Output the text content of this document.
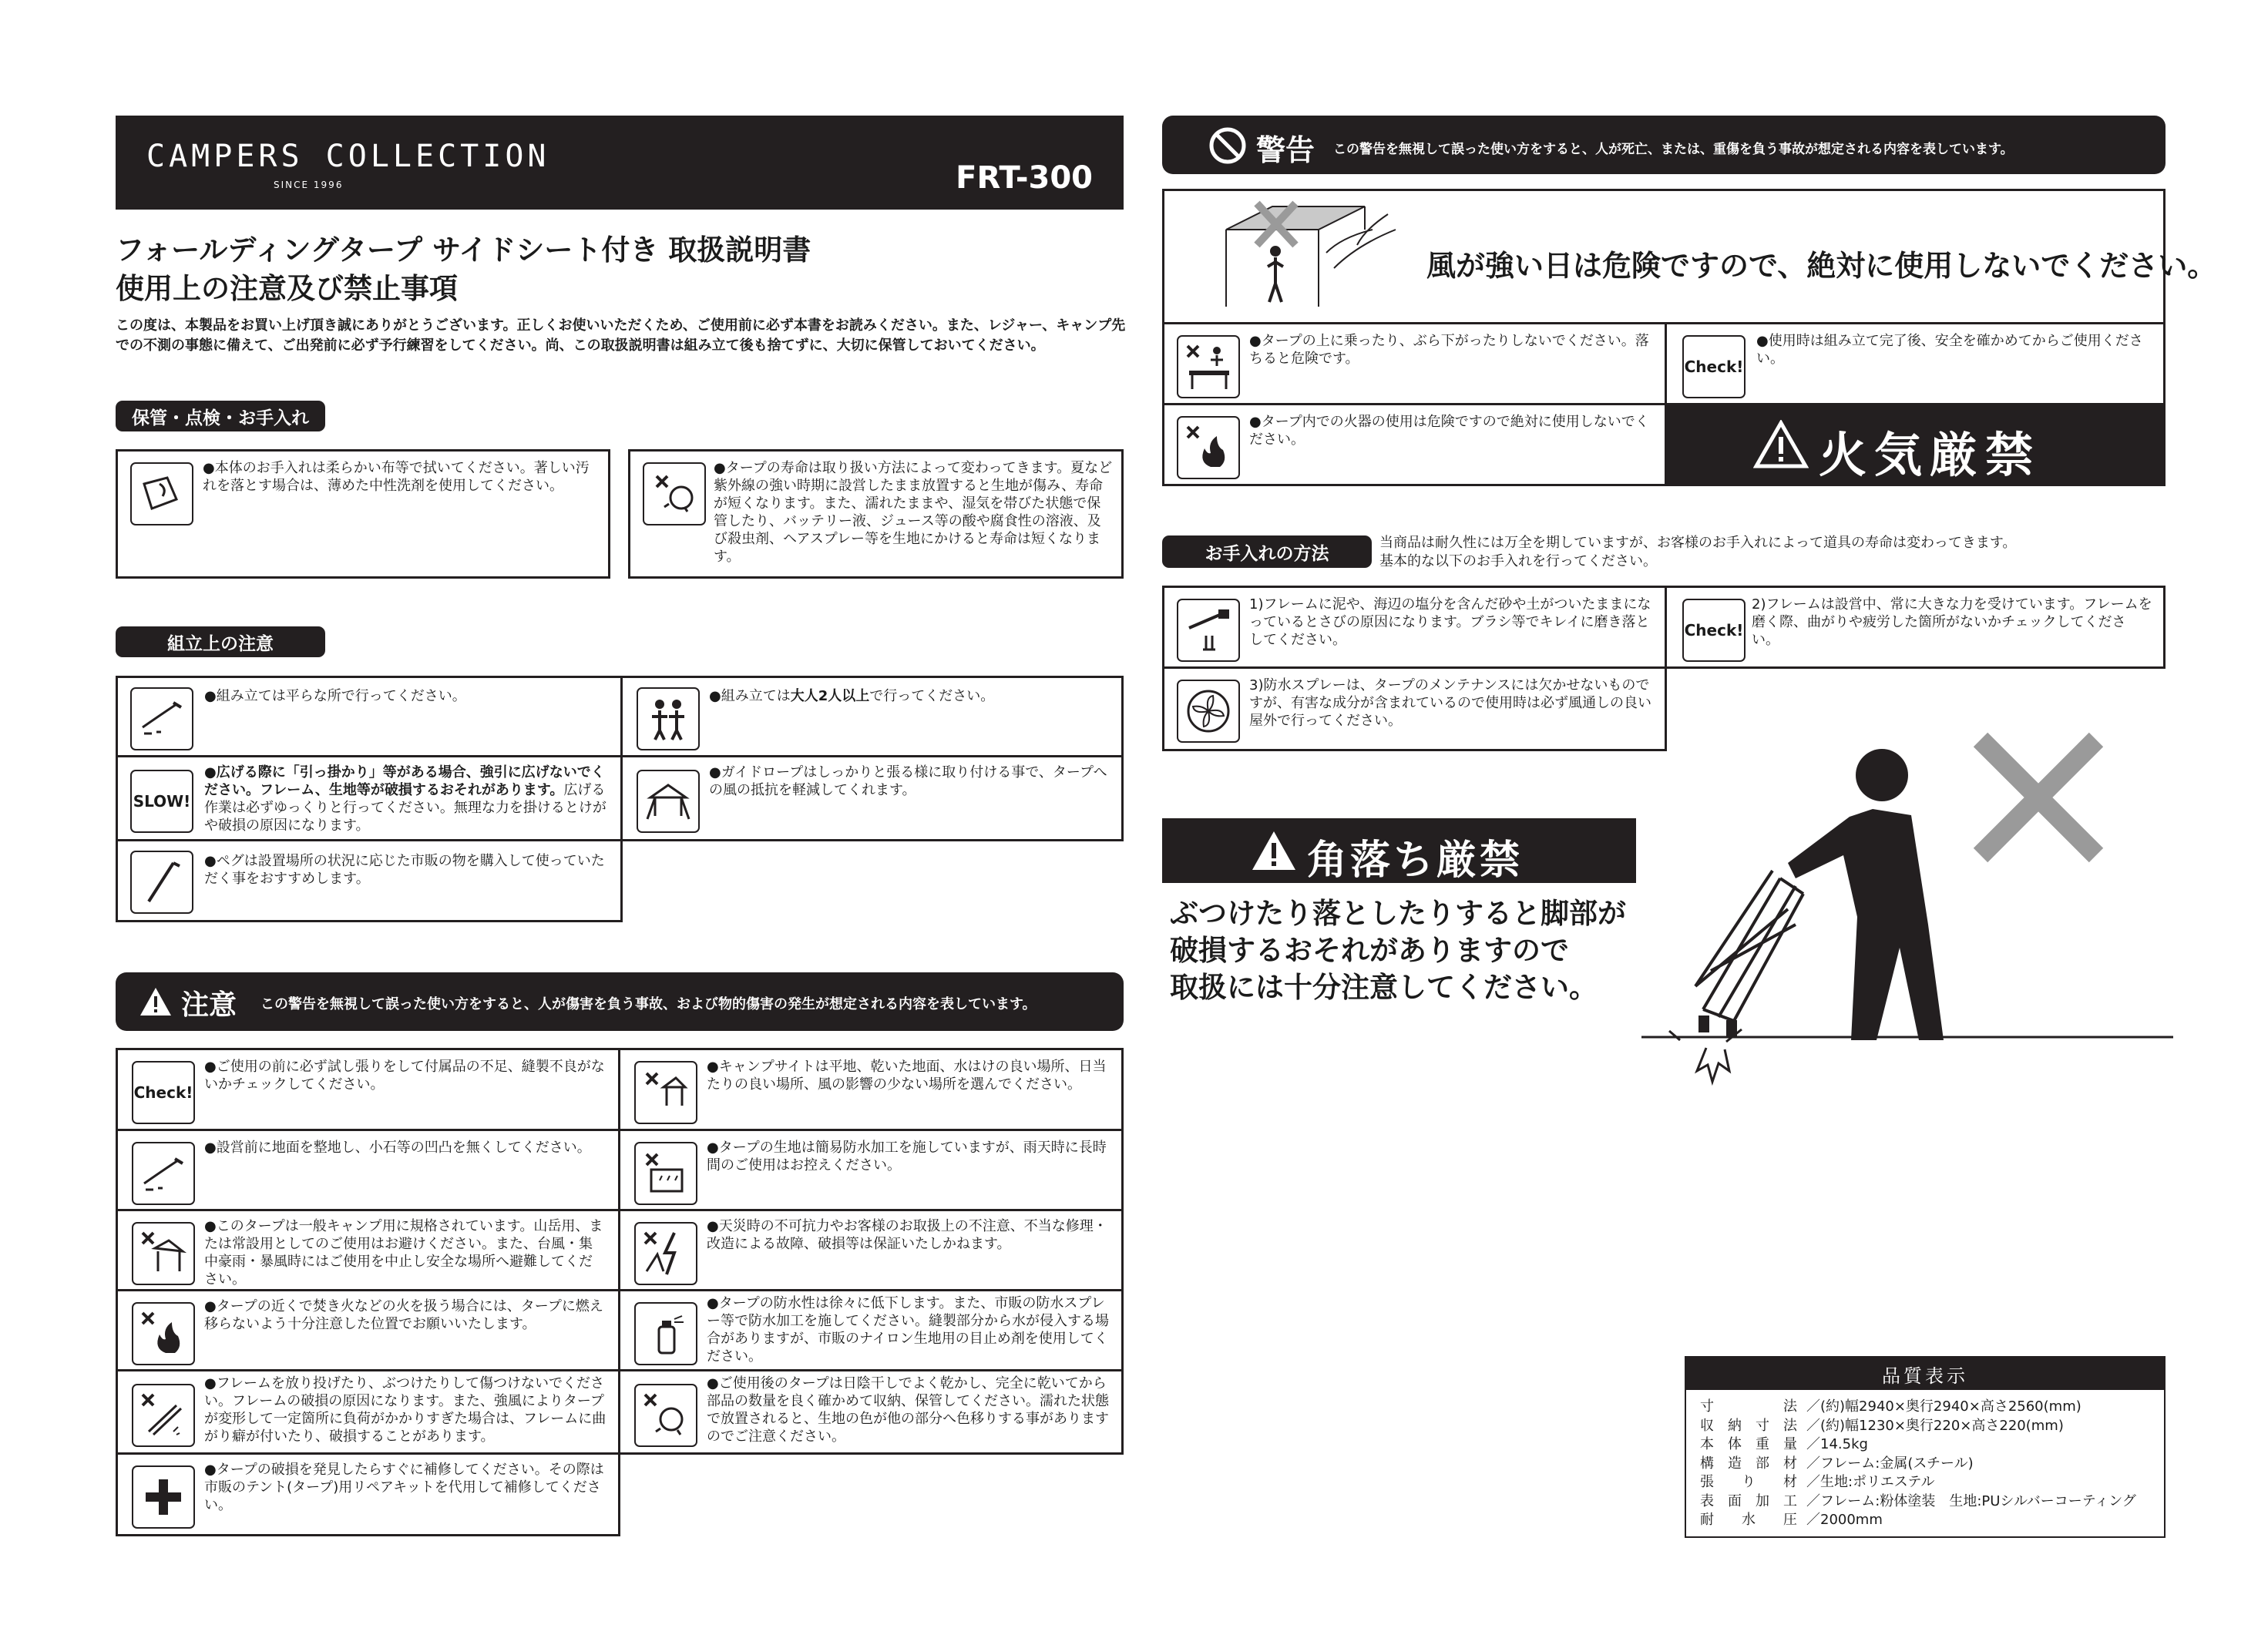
CAMPERS COLLECTION
SINCE 1996	FRT-300
フォールディングタープ サイドシート付き 取扱説明書
使用上の注意及び禁止事項
この度は、本製品をお買い上げ頂き誠にありがとうございます。正しくお使いいただくため、ご使用前に必ず本書をお読みください。また、レジャー、キャンプ先
での不測の事態に備えて、ご出発前に必ず予行練習をしてください。尚、この取扱説明書は組み立て後も捨てずに、大切に保管しておいてください。
保管・点検・お手入れ
●本体のお手入れは柔らかい布等で拭いてください。著しい汚れを落とす場合は、薄めた中性洗剤を使用してください。
●タープの寿命は取り扱い方法によって変わってきます。夏など紫外線の強い時期に設営したまま放置すると生地が傷み、寿命が短くなります。また、濡れたままや、湿気を帯びた状態で保管したり、バッテリー液、ジュース等の酸や腐食性の溶液、及び殺虫剤、ヘアスプレー等を生地にかけると寿命は短くなります。
組立上の注意
●組み立ては平らな所で行ってください。	●組み立ては大人2人以上で行ってください。
SLOW!
●広げる際に「引っ掛かり」等がある場合、強引に広げないでください。フレーム、生地等が破損するおそれがあります。広げる作業は必ずゆっくりと行ってください。無理な力を掛けるとけがや破損の原因になります。
●ガイドロープはしっかりと張る様に取り付ける事で、タープへの風の抵抗を軽減してくれます。
●ペグは設置場所の状況に応じた市販の物を購入して使っていただく事をおすすめします。
注意 この警告を無視して誤った使い方をすると、人が傷害を負う事故、および物的傷害の発生が想定される内容を表しています。
Check!
●ご使用の前に必ず試し張りをして付属品の不足、縫製不良がないかチェックしてください。
●キャンプサイトは平地、乾いた地面、水はけの良い場所、日当たりの良い場所、風の影響の少ない場所を選んでください。
●設営前に地面を整地し、小石等の凹凸を無くしてください。	●タープの生地は簡易防水加工を施していますが、雨天時に長時間のご使用はお控えください。
●このタープは一般キャンプ用に規格されています。山岳用、または常設用としてのご使用はお避けください。また、台風・集中豪雨・暴風時にはご使用を中止し安全な場所へ避難してください。
●天災時の不可抗力やお客様のお取扱上の不注意、不当な修理・改造による故障、破損等は保証いたしかねます。
●タープの近くで焚き火などの火を扱う場合には、タープに燃え移らないよう十分注意した位置でお願いいたします。
●タープの防水性は徐々に低下します。また、市販の防水スプレー等で防水加工を施してください。縫製部分から水が侵入する場合がありますが、市販のナイロン生地用の目止め剤を使用してください。
●フレームを放り投げたり、ぶつけたりして傷つけないでください。フレームの破損の原因になります。また、強風によりタープが変形して一定箇所に負荷がかかりすぎた場合は、フレームに曲がり癖が付いたり、破損することがあります。
●ご使用後のタープは日陰干しでよく乾かし、完全に乾いてから部品の数量を良く確かめて収納、保管してください。濡れた状態で放置されると、生地の色が他の部分へ色移りする事がありますのでご注意ください。
●タープの破損を発見したらすぐに補修してください。その際は市販のテント(タープ)用リペアキットを代用して補修してください。
警告 この警告を無視して誤った使い方をすると、人が死亡、または、重傷を負う事故が想定される内容を表しています。
風が強い日は危険ですので、絶対に使用しないでください。
●タープの上に乗ったり、ぶら下がったりしないでください。落ちると危険です。	Check!
●使用時は組み立て完了後、安全を確かめてからご使用ください。
●タープ内での火器の使用は危険ですので絶対に使用しないでください。	火気厳禁
お手入れの方法
当商品は耐久性には万全を期していますが、お客様のお手入れによって道具の寿命は変わってきます。
基本的な以下のお手入れを行ってください。
1)フレームに泥や、海辺の塩分を含んだ砂や土がついたままになっているとさびの原因になります。ブラシ等でキレイに磨き落としてください。
Check!
2)フレームは設営中、常に大きな力を受けています。フレームを磨く際、曲がりや疲労した箇所がないかチェックしてください。
3)防水スプレーは、タープのメンテナンスには欠かせないものですが、有害な成分が含まれているので使用時は必ず風通しの良い屋外で行ってください。
角落ち厳禁
ぶつけたり落としたりすると脚部が
破損するおそれがありますので
取扱には十分注意してください。
品質表示
寸　　　　　法 ／(約)幅2940×奥行2940×高さ2560(mm)
収　納　寸　法 ／(約)幅1230×奥行220×高さ220(mm)
本　体　重　量 ／14.5kg
構　造　部　材 ／フレーム:金属(スチール)
張　　り　　材 ／生地:ポリエステル
表　面　加　工 ／フレーム:粉体塗装　生地:PUシルバーコーティング
耐　　水　　圧 ／2000mm
